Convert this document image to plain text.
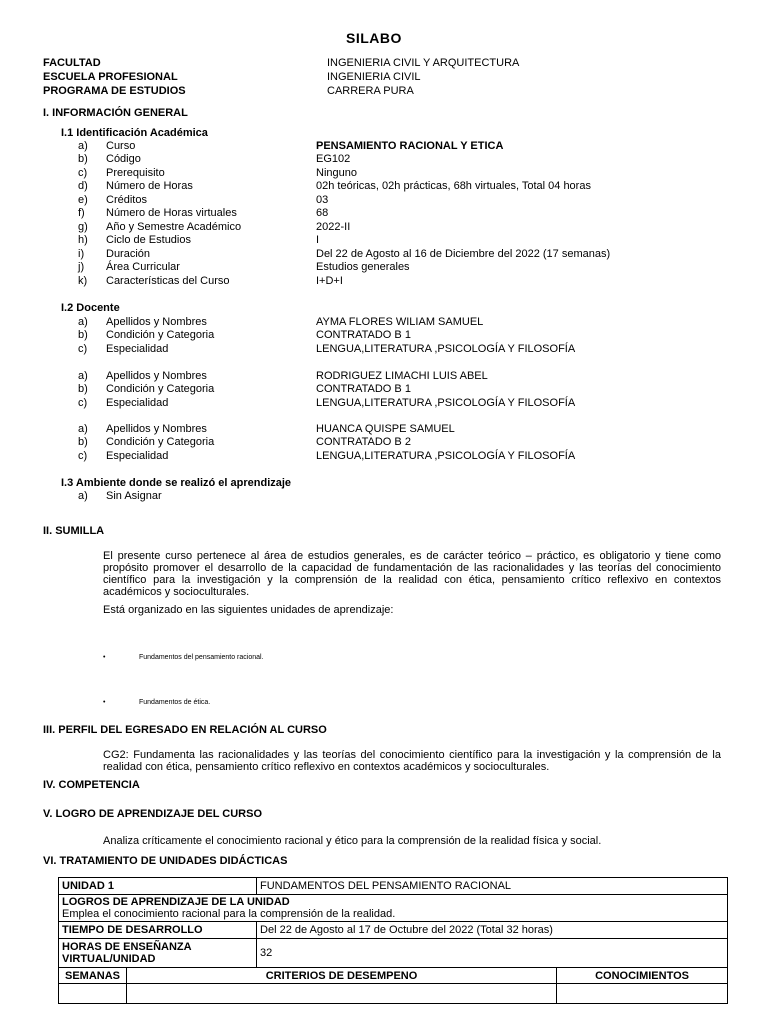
SILABO
FACULTAD	INGENIERIA CIVIL Y ARQUITECTURA
ESCUELA PROFESIONAL	INGENIERIA CIVIL
PROGRAMA DE ESTUDIOS	CARRERA PURA
I. INFORMACIÓN GENERAL
I.1 Identificación Académica
a) Curso	PENSAMIENTO RACIONAL Y ETICA
b) Código	EG102
c) Prerequisito	Ninguno
d) Número de Horas	02h teóricas, 02h prácticas, 68h virtuales, Total 04 horas
e) Créditos	03
f) Número de Horas virtuales	68
g) Año y Semestre Académico	2022-II
h) Ciclo de Estudios	I
i) Duración	Del 22 de Agosto al 16 de Diciembre del 2022 (17 semanas)
j) Área Curricular	Estudios generales
k) Características del Curso	I+D+I
I.2 Docente
a) Apellidos y Nombres	AYMA FLORES WILIAM SAMUEL
b) Condición y Categoria	CONTRATADO B 1
c) Especialidad	LENGUA,LITERATURA ,PSICOLOGÍA Y FILOSOFÍA
a) Apellidos y Nombres	RODRIGUEZ LIMACHI LUIS ABEL
b) Condición y Categoria	CONTRATADO B 1
c) Especialidad	LENGUA,LITERATURA ,PSICOLOGÍA Y FILOSOFÍA
a) Apellidos y Nombres	HUANCA QUISPE SAMUEL
b) Condición y Categoria	CONTRATADO B 2
c) Especialidad	LENGUA,LITERATURA ,PSICOLOGÍA Y FILOSOFÍA
I.3 Ambiente donde se realizó el aprendizaje
a) Sin Asignar
II. SUMILLA
El presente curso pertenece al área de estudios generales, es de carácter teórico – práctico, es obligatorio y tiene como propósito promover el desarrollo de la capacidad de fundamentación de las racionalidades y las teorías del conocimiento científico para la investigación y la comprensión de la realidad con ética, pensamiento crítico reflexivo en contextos académicos y socioculturales.
Está organizado en las siguientes unidades de aprendizaje:
•	Fundamentos del pensamiento racional.
•	Fundamentos de ética.
III. PERFIL DEL EGRESADO EN RELACIÓN AL CURSO
CG2: Fundamenta las racionalidades y las teorías del conocimiento científico para la investigación y la comprensión de la realidad con ética, pensamiento crítico reflexivo en contextos académicos y socioculturales.
IV. COMPETENCIA
V. LOGRO DE APRENDIZAJE DEL CURSO
Analiza críticamente el conocimiento racional y ético para la comprensión de la realidad física y social.
VI. TRATAMIENTO DE UNIDADES DIDÁCTICAS
UNIDAD 1		FUNDAMENTOS DEL PENSAMIENTO RACIONAL	

LOGROS DE APRENDIZAJE DE LA UNIDAD
Emplea el conocimiento racional para la comprensión de la realidad.			

TIEMPO DE DESARROLLO		Del 22 de Agosto al 17 de Octubre del 2022 (Total 32 horas)	
HORAS DE ENSEÑANZA VIRTUAL/UNIDAD		32	
SEMANAS	CRITERIOS DE DESEMPENO		CONOCIMIENTOS
